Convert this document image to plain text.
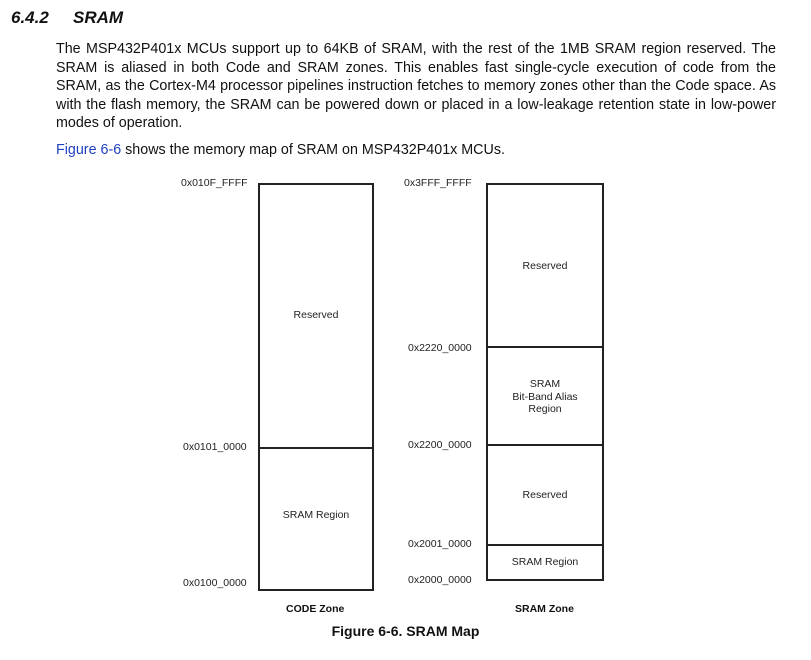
6.4.2 SRAM
The MSP432P401x MCUs support up to 64KB of SRAM, with the rest of the 1MB SRAM region reserved. The SRAM is aliased in both Code and SRAM zones. This enables fast single-cycle execution of code from the SRAM, as the Cortex-M4 processor pipelines instruction fetches to memory zones other than the Code space. As with the flash memory, the SRAM can be powered down or placed in a low-leakage retention state in low-power modes of operation.
Figure 6-6 shows the memory map of SRAM on MSP432P401x MCUs.
0x010F_FFFF
0x0101_0000
0x0100_0000
Reserved
SRAM Region
CODE Zone
0x3FFF_FFFF
0x2220_0000
0x2200_0000
0x2001_0000
0x2000_0000
Reserved
SRAM
Bit-Band Alias
Region
Reserved
SRAM Region
SRAM Zone
Figure 6-6. SRAM Map
